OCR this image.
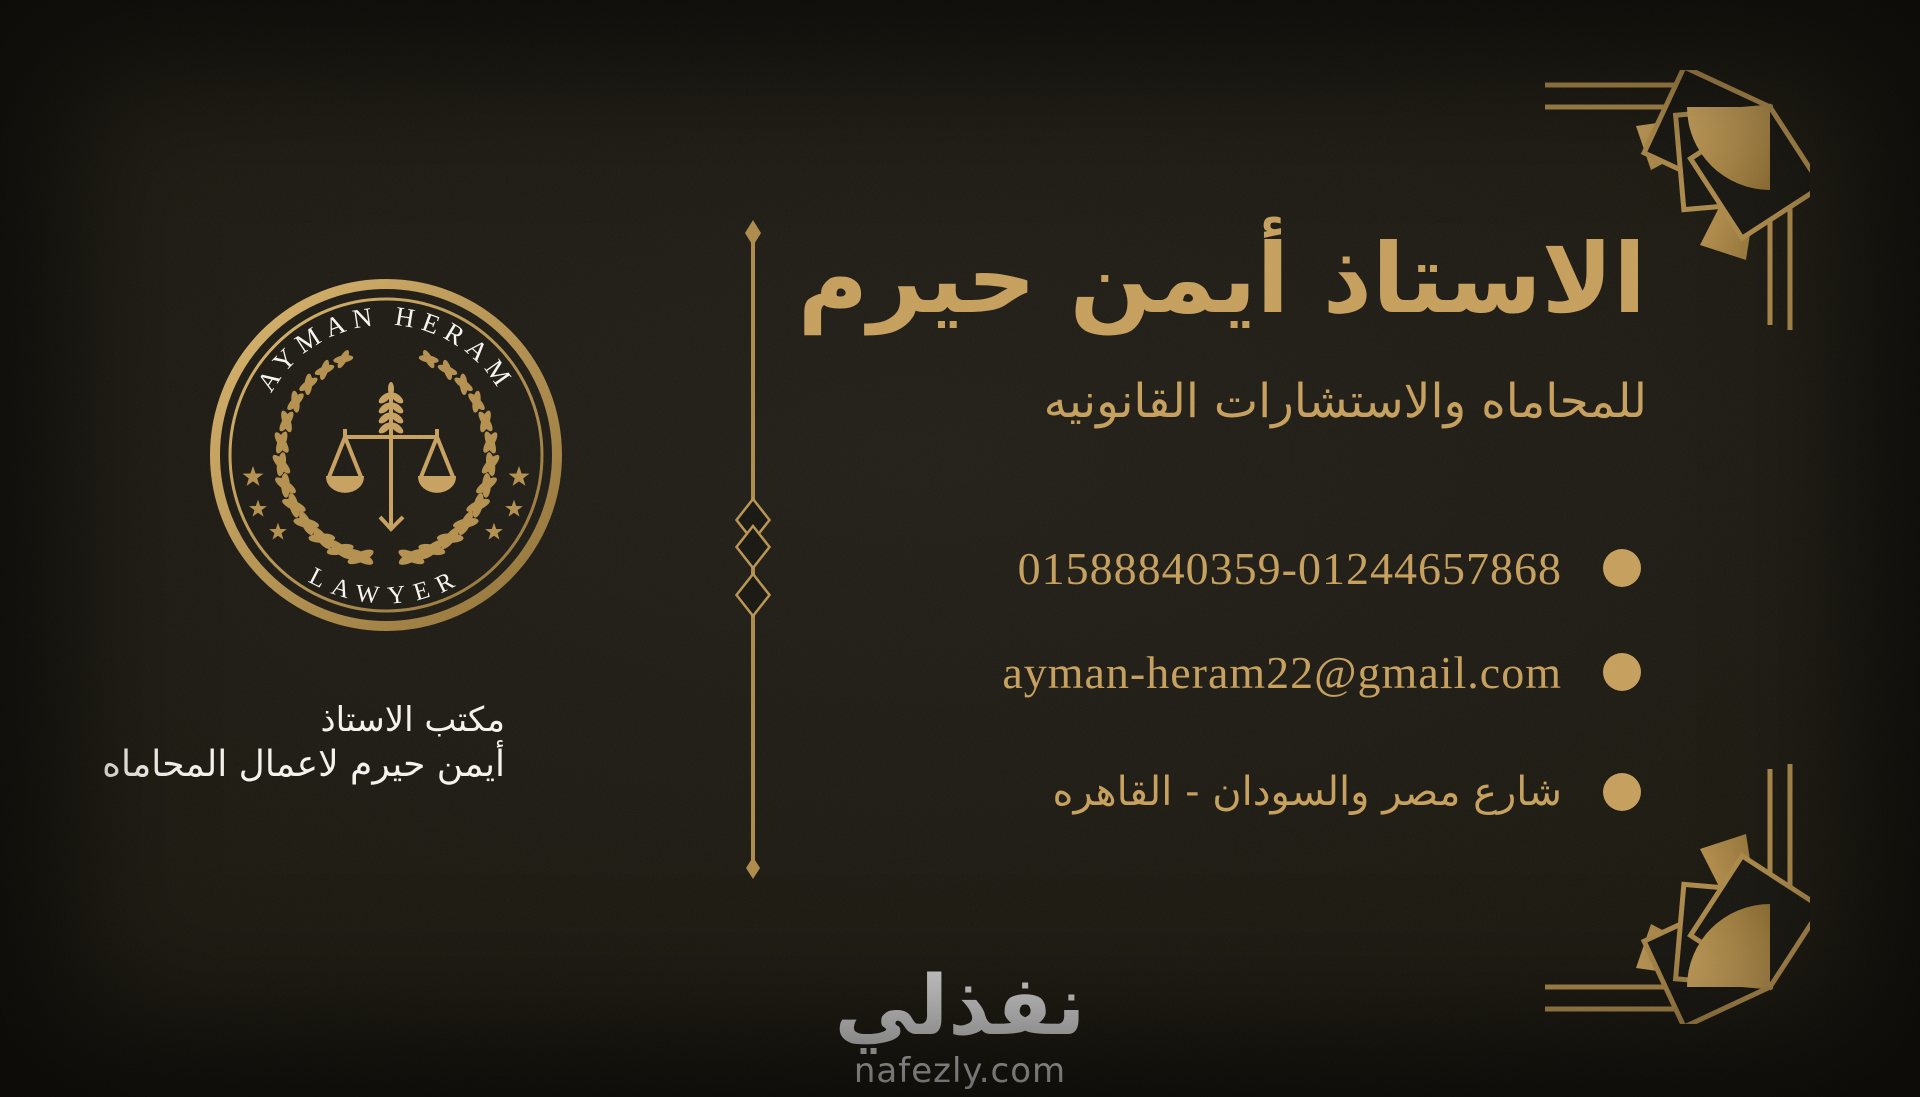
AYMAN HERAM
LAWYER
مكتب الاستاذ
أيمن حيرم لاعمال المحاماه
الاستاذ أيمن حيرم
للمحاماه والاستشارات القانونيه
01588840359-01244657868
ayman-heram22@gmail.com
شارع مصر والسودان - القاهره
نفذلي
nafezly.com
